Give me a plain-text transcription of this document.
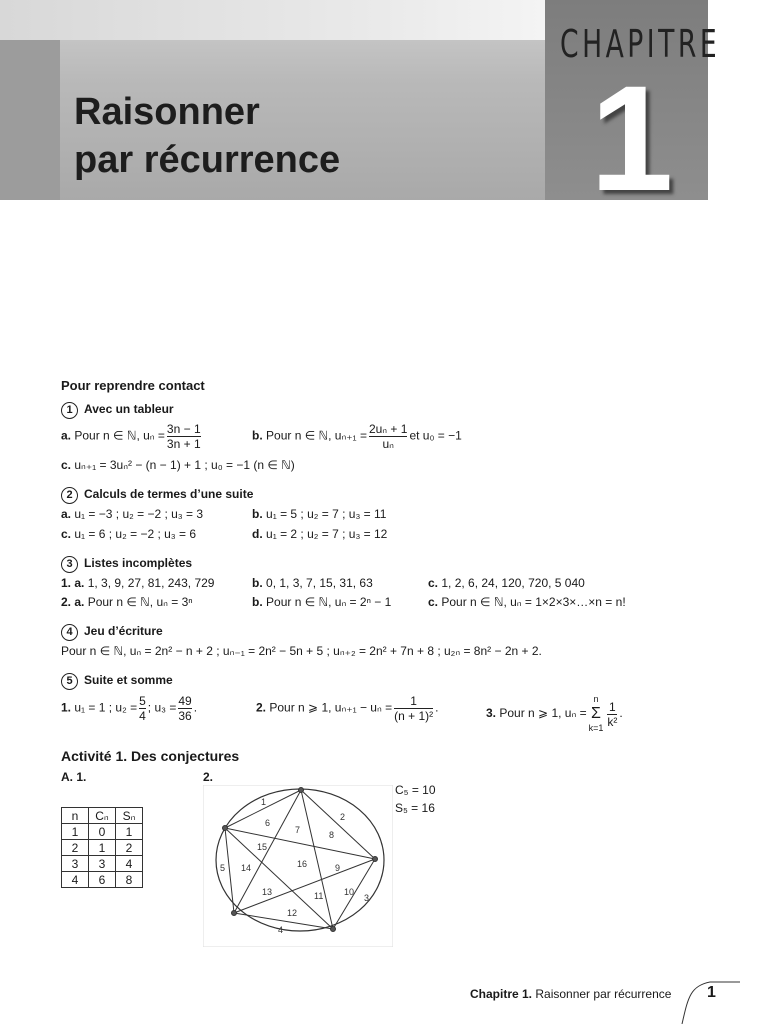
CHAPITRE
1
Raisonner
par récurrence
Pour reprendre contact
1 Avec un tableur
a. Pour n ∈ ℕ, $u_n = \frac{3n - 1}{3n + 1}$	b. Pour n ∈ ℕ, $u_{n+1} = \frac{\text{2uₙ + 1}}{\text{uₙ}}$ et u₀ = −1
c. uₙ₊₁ = 3uₙ² − (n − 1) + 1 ; u₀ = −1 (n ∈ ℕ)
2 Calculs de termes d’une suite
a. u₁ = −3 ; u₂ = −2 ; u₃ = 3	b. u₁ = 5 ; u₂ = 7 ; u₃ = 11
c. u₁ = 6 ; u₂ = −2 ; u₃ = 6	d. u₁ = 2 ; u₂ = 7 ; u₃ = 12
3 Listes incomplètes
1. a. 1, 3, 9, 27, 81, 243, 729	b. 0, 1, 3, 7, 15, 31, 63	c. 1, 2, 6, 24, 120, 720, 5 040
2. a. Pour n ∈ ℕ, uₙ = 3ⁿ	b. Pour n ∈ ℕ, uₙ = 2ⁿ − 1	c. Pour n ∈ ℕ, uₙ = 1×2×3×…×n = n!
4 Jeu d’écriture
Pour n ∈ ℕ, uₙ = 2n² − n + 2 ; uₙ₋₁ = 2n² − 5n + 5 ; uₙ₊₂ = 2n² + 7n + 8 ; u₂ₙ = 8n² − 2n + 2.
5 Suite et somme
1. u₁ = 1 ; $u_2 = \frac{5}{4}$ ; $u_3 = \frac{49}{36}$ .	2. Pour n ⩾ 1, $u_{n+1} - u_n = \frac{1}{\text{(n + 1)²}}$ .	3. Pour n ⩾ 1, uₙ =
n
Σ
$k=1 \frac{1}{\text{k²}}$ .
Activité 1. Des conjectures
A. 1.	2.
n	Cₙ	Sₙ
1	0	1
2	1	2
3	3	4
4	6	8
1
2
3
4
5
6
7	8
9
10
11
12
13
14
15
16
C₅ = 10
S₅ = 16
Chapitre 1. Raisonner par récurrence 1
